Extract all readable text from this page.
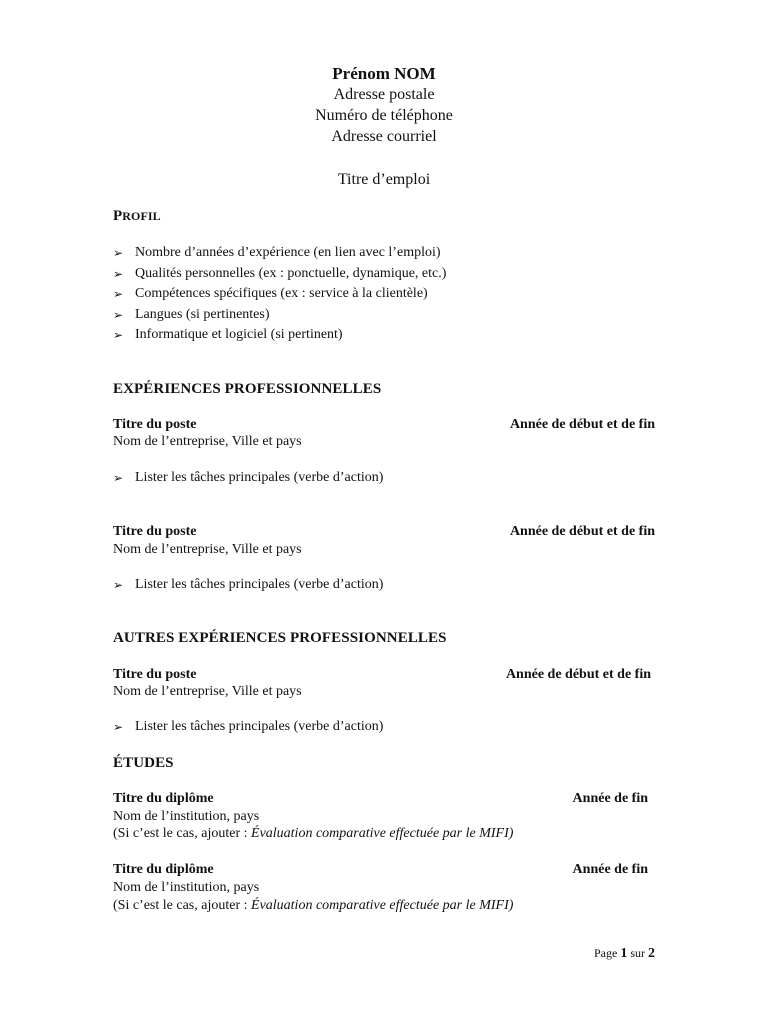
Prénom NOM
Adresse postale
Numéro de téléphone
Adresse courriel
Titre d’emploi
PROFIL
➢ Nombre d’années d’expérience (en lien avec l’emploi)
➢ Qualités personnelles (ex : ponctuelle, dynamique, etc.)
➢ Compétences spécifiques (ex : service à la clientèle)
➢ Langues (si pertinentes)
➢ Informatique et logiciel (si pertinent)
EXPÉRIENCES PROFESSIONNELLES
Titre du poste	Année de début et de fin
Nom de l’entreprise, Ville et pays
➢ Lister les tâches principales (verbe d’action)
Titre du poste	Année de début et de fin
Nom de l’entreprise, Ville et pays
➢ Lister les tâches principales (verbe d’action)
AUTRES EXPÉRIENCES PROFESSIONNELLES
Titre du poste	Année de début et de fin
Nom de l’entreprise, Ville et pays
➢ Lister les tâches principales (verbe d’action)
ÉTUDES
Titre du diplôme	Année de fin
Nom de l’institution, pays
(Si c’est le cas, ajouter : Évaluation comparative effectuée par le MIFI)
Titre du diplôme	Année de fin
Nom de l’institution, pays
(Si c’est le cas, ajouter : Évaluation comparative effectuée par le MIFI)
Page 1 sur 2
